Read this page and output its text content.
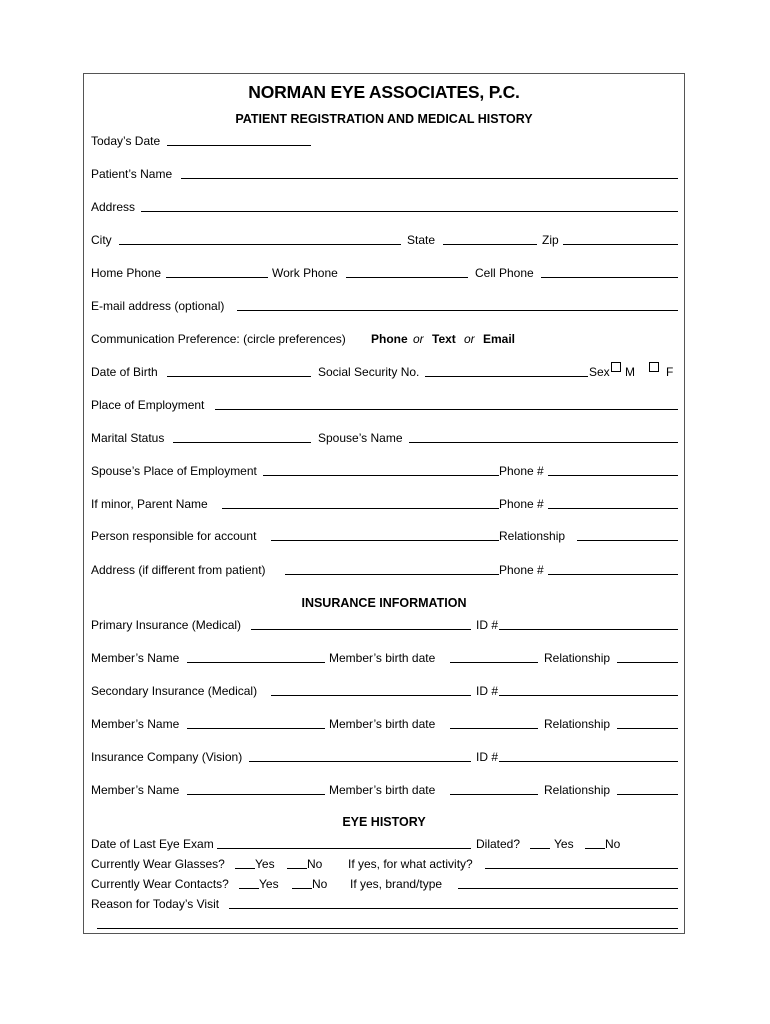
NORMAN EYE ASSOCIATES, P.C.
PATIENT REGISTRATION AND MEDICAL HISTORY
Today’s Date
Patient’s Name
Address
City	State	Zip
Home Phone	Work Phone	Cell Phone
E-mail address (optional)
Communication Preference: (circle preferences) Phone or Text or Email
Date of Birth	Social Security No.	Sex M	F
Place of Employment
Marital Status	Spouse’s Name
Spouse’s Place of Employment	Phone #
If minor, Parent Name	Phone #
Person responsible for account	Relationship
Address (if different from patient)	Phone #
INSURANCE INFORMATION
Primary Insurance (Medical)	ID #
Member’s Name	Member’s birth date	Relationship
Secondary Insurance (Medical)	ID #
Member’s Name	Member’s birth date	Relationship
Insurance Company (Vision)	ID #
Member’s Name	Member’s birth date	Relationship
EYE HISTORY
Date of Last Eye Exam	Dilated?	Yes	No
Currently Wear Glasses?	Yes	No If yes, for what activity?
Currently Wear Contacts?	Yes	No If yes, brand/type
Reason for Today’s Visit
